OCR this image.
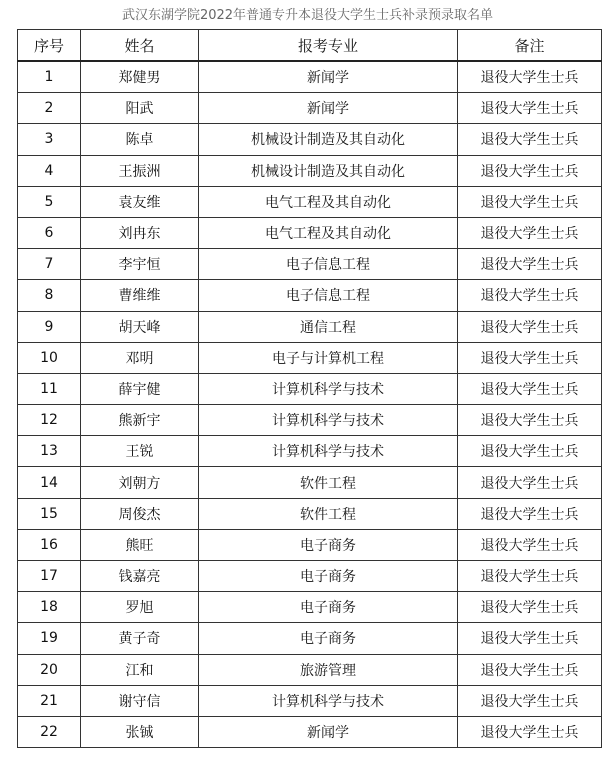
武汉东湖学院2022年普通专升本退役大学生士兵补录预录取名单
序号	姓名	报考专业	备注
1	郑健男	新闻学	退役大学生士兵
2	阳武	新闻学	退役大学生士兵
3	陈卓	机械设计制造及其自动化	退役大学生士兵
4	王振洲	机械设计制造及其自动化	退役大学生士兵
5	袁友维	电气工程及其自动化	退役大学生士兵
6	刘冉东	电气工程及其自动化	退役大学生士兵
7	李宇恒	电子信息工程	退役大学生士兵
8	曹维维	电子信息工程	退役大学生士兵
9	胡天峰	通信工程	退役大学生士兵
10	邓明	电子与计算机工程	退役大学生士兵
11	薛宇健	计算机科学与技术	退役大学生士兵
12	熊新宇	计算机科学与技术	退役大学生士兵
13	王锐	计算机科学与技术	退役大学生士兵
14	刘朝方	软件工程	退役大学生士兵
15	周俊杰	软件工程	退役大学生士兵
16	熊旺	电子商务	退役大学生士兵
17	钱嘉亮	电子商务	退役大学生士兵
18	罗旭	电子商务	退役大学生士兵
19	黄子奇	电子商务	退役大学生士兵
20	江和	旅游管理	退役大学生士兵
21	谢守信	计算机科学与技术	退役大学生士兵
22	张铖	新闻学	退役大学生士兵
